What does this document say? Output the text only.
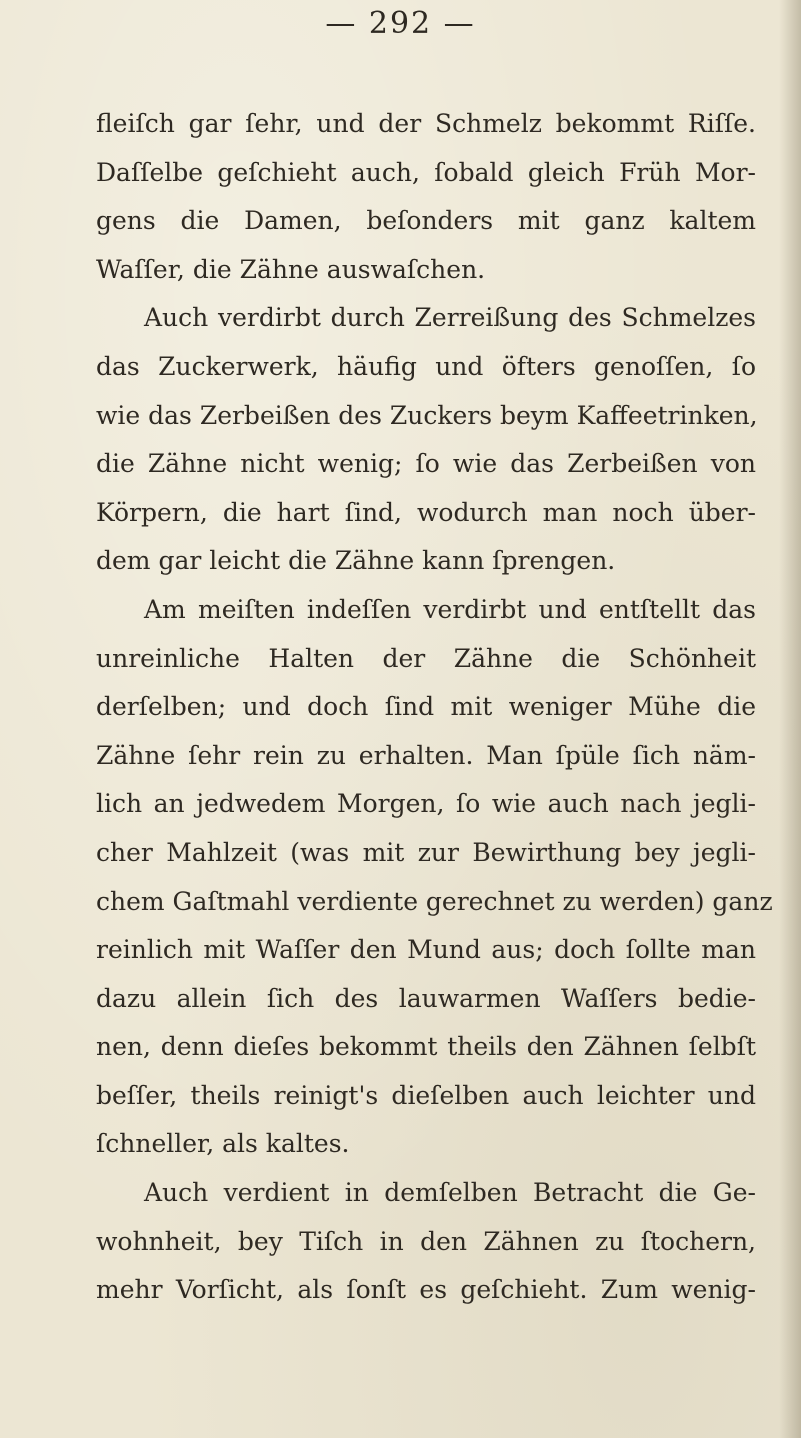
— 292 —
fleiſch gar ſehr, und der Schmelz bekommt Riſſe.
Daſſelbe geſchieht auch, ſobald gleich Früh Mor-
gens die Damen, beſonders mit ganz kaltem
Waſſer, die Zähne auswaſchen.
Auch verdirbt durch Zerreißung des Schmelzes
das Zuckerwerk, häufig und öfters genoſſen, ſo
wie das Zerbeißen des Zuckers beym Kaffeetrinken,
die Zähne nicht wenig; ſo wie das Zerbeißen von
Körpern, die hart ſind, wodurch man noch über-
dem gar leicht die Zähne kann ſprengen.
Am meiſten indeſſen verdirbt und entſtellt das
unreinliche Halten der Zähne die Schönheit
derſelben; und doch ſind mit weniger Mühe die
Zähne ſehr rein zu erhalten. Man ſpüle ſich näm-
lich an jedwedem Morgen, ſo wie auch nach jegli-
cher Mahlzeit (was mit zur Bewirthung bey jegli-
chem Gaſtmahl verdiente gerechnet zu werden) ganz
reinlich mit Waſſer den Mund aus; doch ſollte man
dazu allein ſich des lauwarmen Waſſers bedie-
nen, denn dieſes bekommt theils den Zähnen ſelbſt
beſſer, theils reinigt's dieſelben auch leichter und
ſchneller, als kaltes.
Auch verdient in demſelben Betracht die Ge-
wohnheit, bey Tiſch in den Zähnen zu ſtochern,
mehr Vorſicht, als ſonſt es geſchieht. Zum wenig-
